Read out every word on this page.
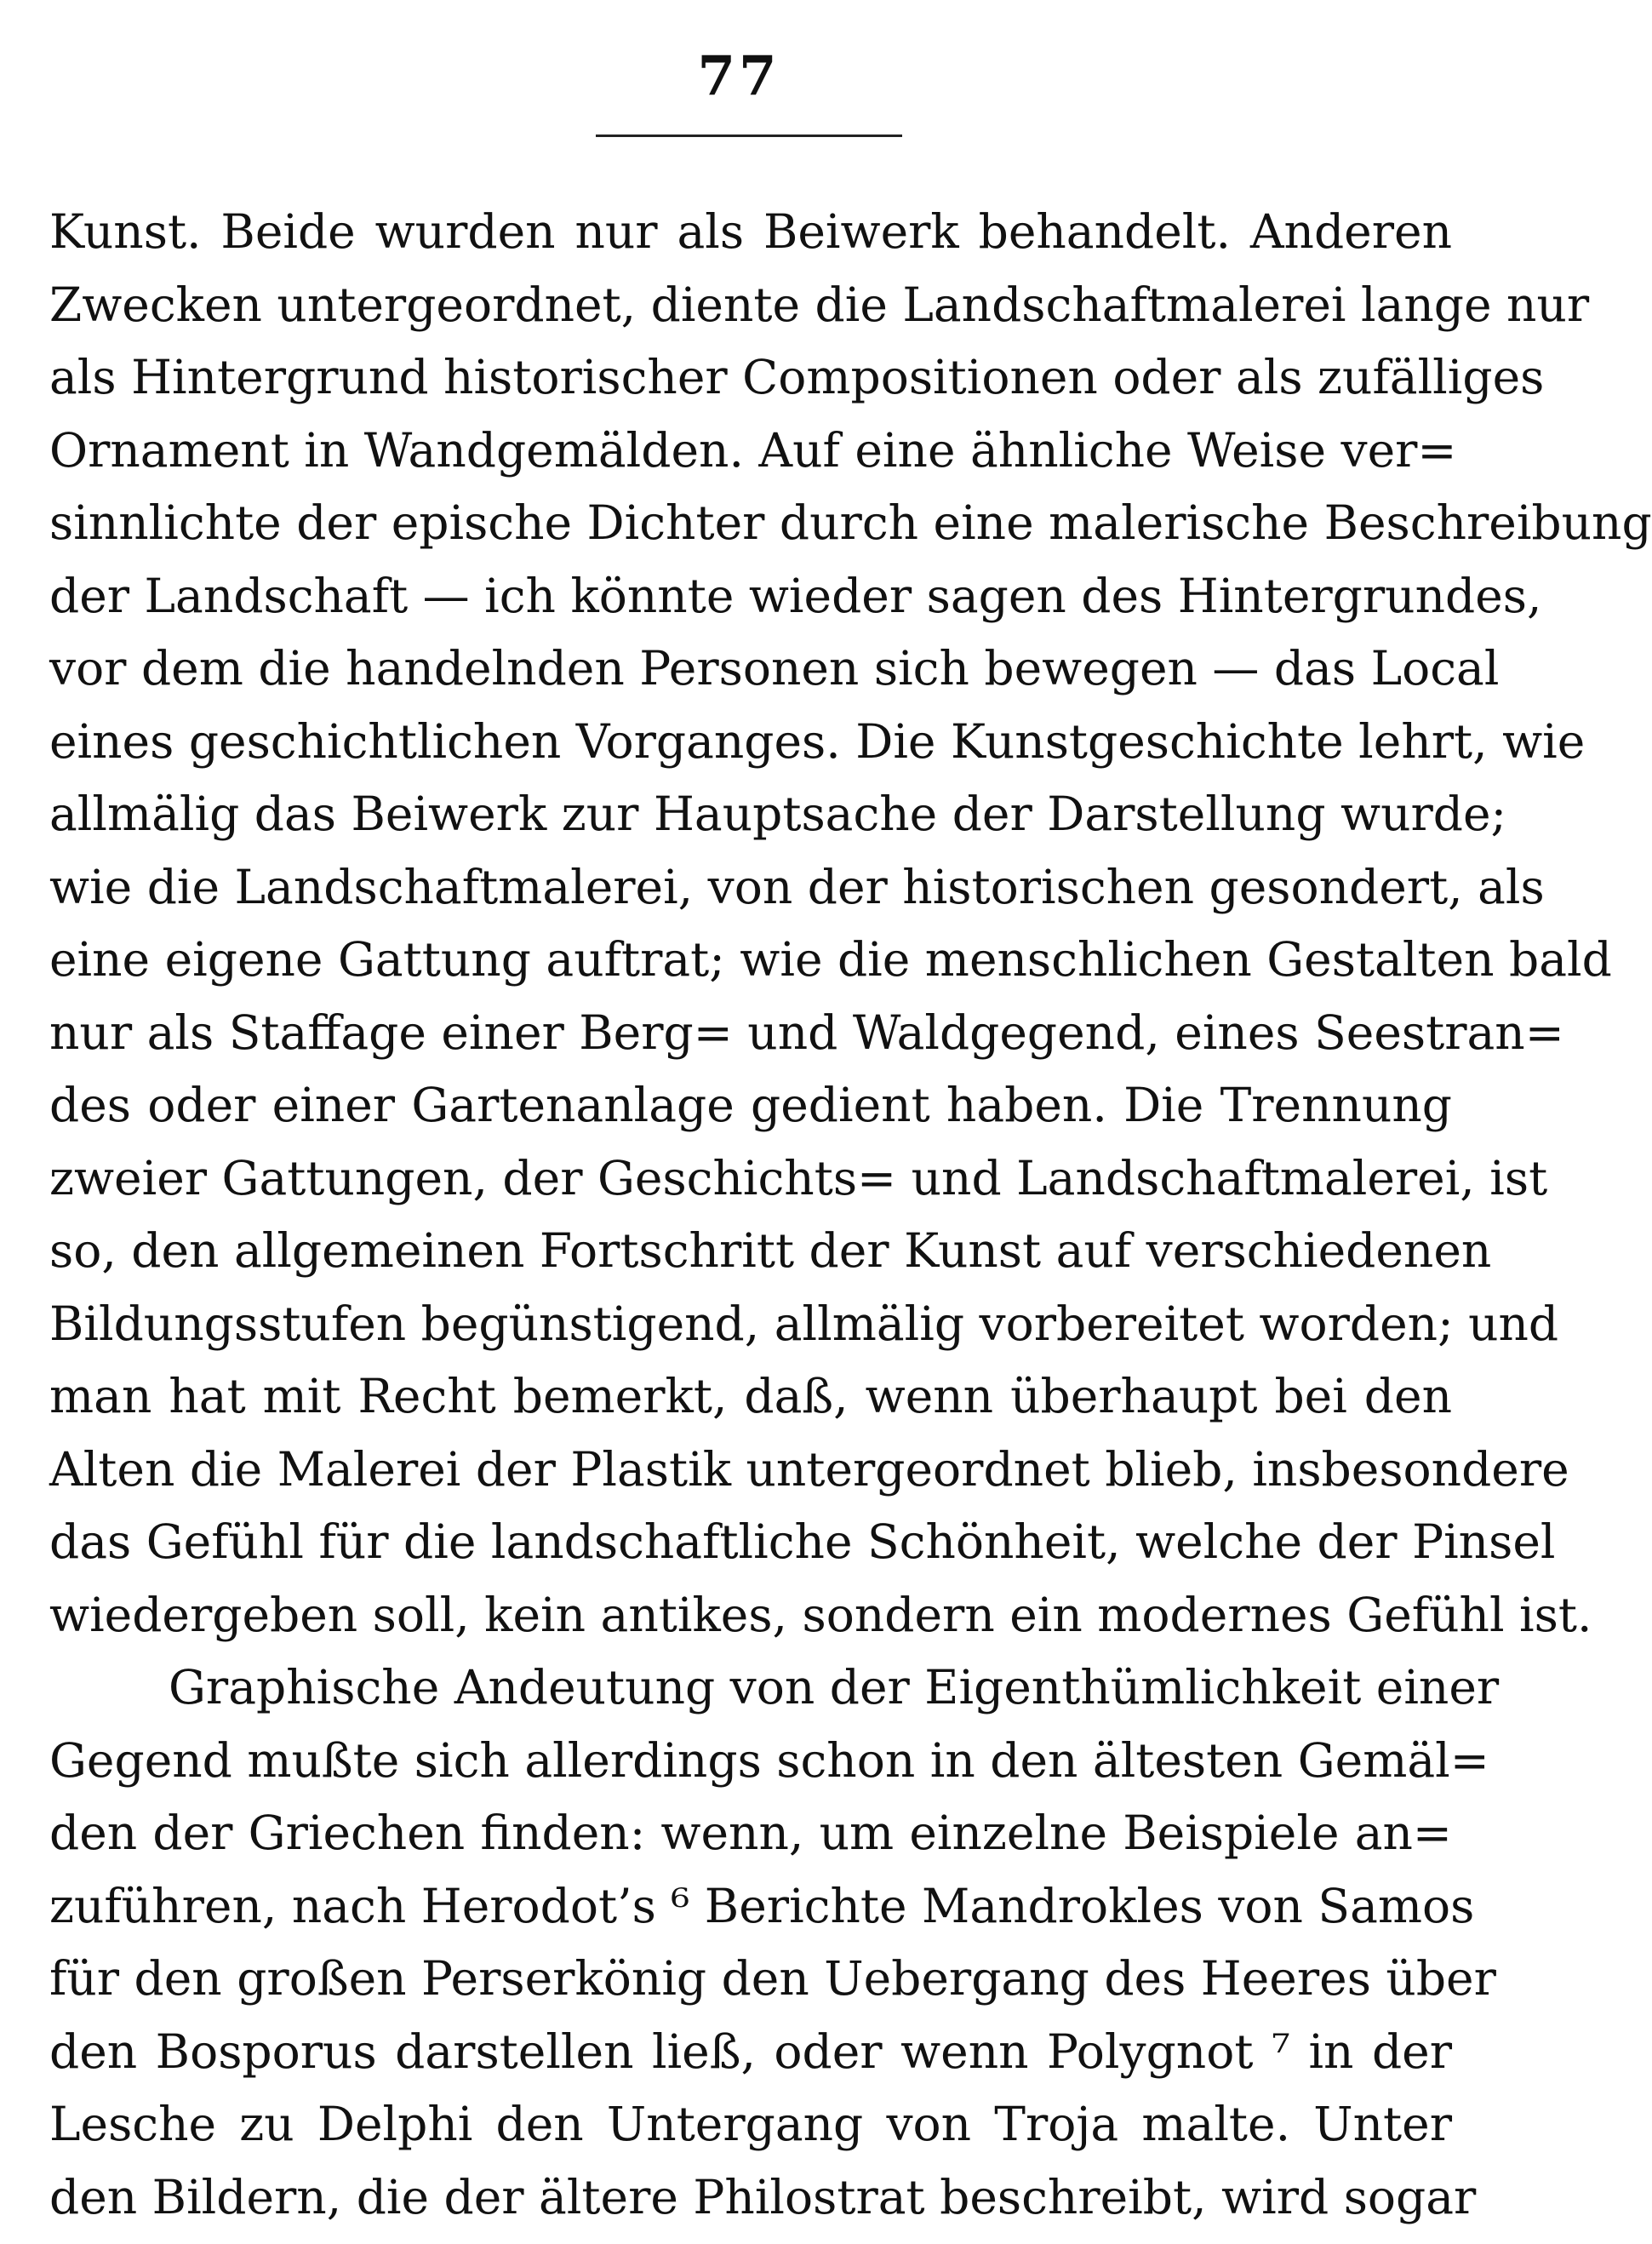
77
Kunst. Beide wurden nur als Beiwerk behandelt. Anderen
Zwecken untergeordnet, diente die Landschaftmalerei lange nur
als Hintergrund historischer Compositionen oder als zufälliges
Ornament in Wandgemälden. Auf eine ähnliche Weise ver=
sinnlichte der epische Dichter durch eine malerische Beschreibung
der Landschaft — ich könnte wieder sagen des Hintergrundes,
vor dem die handelnden Personen sich bewegen — das Local
eines geschichtlichen Vorganges. Die Kunstgeschichte lehrt, wie
allmälig das Beiwerk zur Hauptsache der Darstellung wurde;
wie die Landschaftmalerei, von der historischen gesondert, als
eine eigene Gattung auftrat; wie die menschlichen Gestalten bald
nur als Staffage einer Berg= und Waldgegend, eines Seestran=
des oder einer Gartenanlage gedient haben. Die Trennung
zweier Gattungen, der Geschichts= und Landschaftmalerei, ist
so, den allgemeinen Fortschritt der Kunst auf verschiedenen
Bildungsstufen begünstigend, allmälig vorbereitet worden; und
man hat mit Recht bemerkt, daß, wenn überhaupt bei den
Alten die Malerei der Plastik untergeordnet blieb, insbesondere
das Gefühl für die landschaftliche Schönheit, welche der Pinsel
wiedergeben soll, kein antikes, sondern ein modernes Gefühl ist.
Graphische Andeutung von der Eigenthümlichkeit einer
Gegend mußte sich allerdings schon in den ältesten Gemäl=
den der Griechen finden: wenn, um einzelne Beispiele an=
zuführen, nach Herodot’s ⁶ Berichte Mandrokles von Samos
für den großen Perserkönig den Uebergang des Heeres über
den Bosporus darstellen ließ, oder wenn Polygnot ⁷ in der
Lesche zu Delphi den Untergang von Troja malte. Unter
den Bildern, die der ältere Philostrat beschreibt, wird sogar
